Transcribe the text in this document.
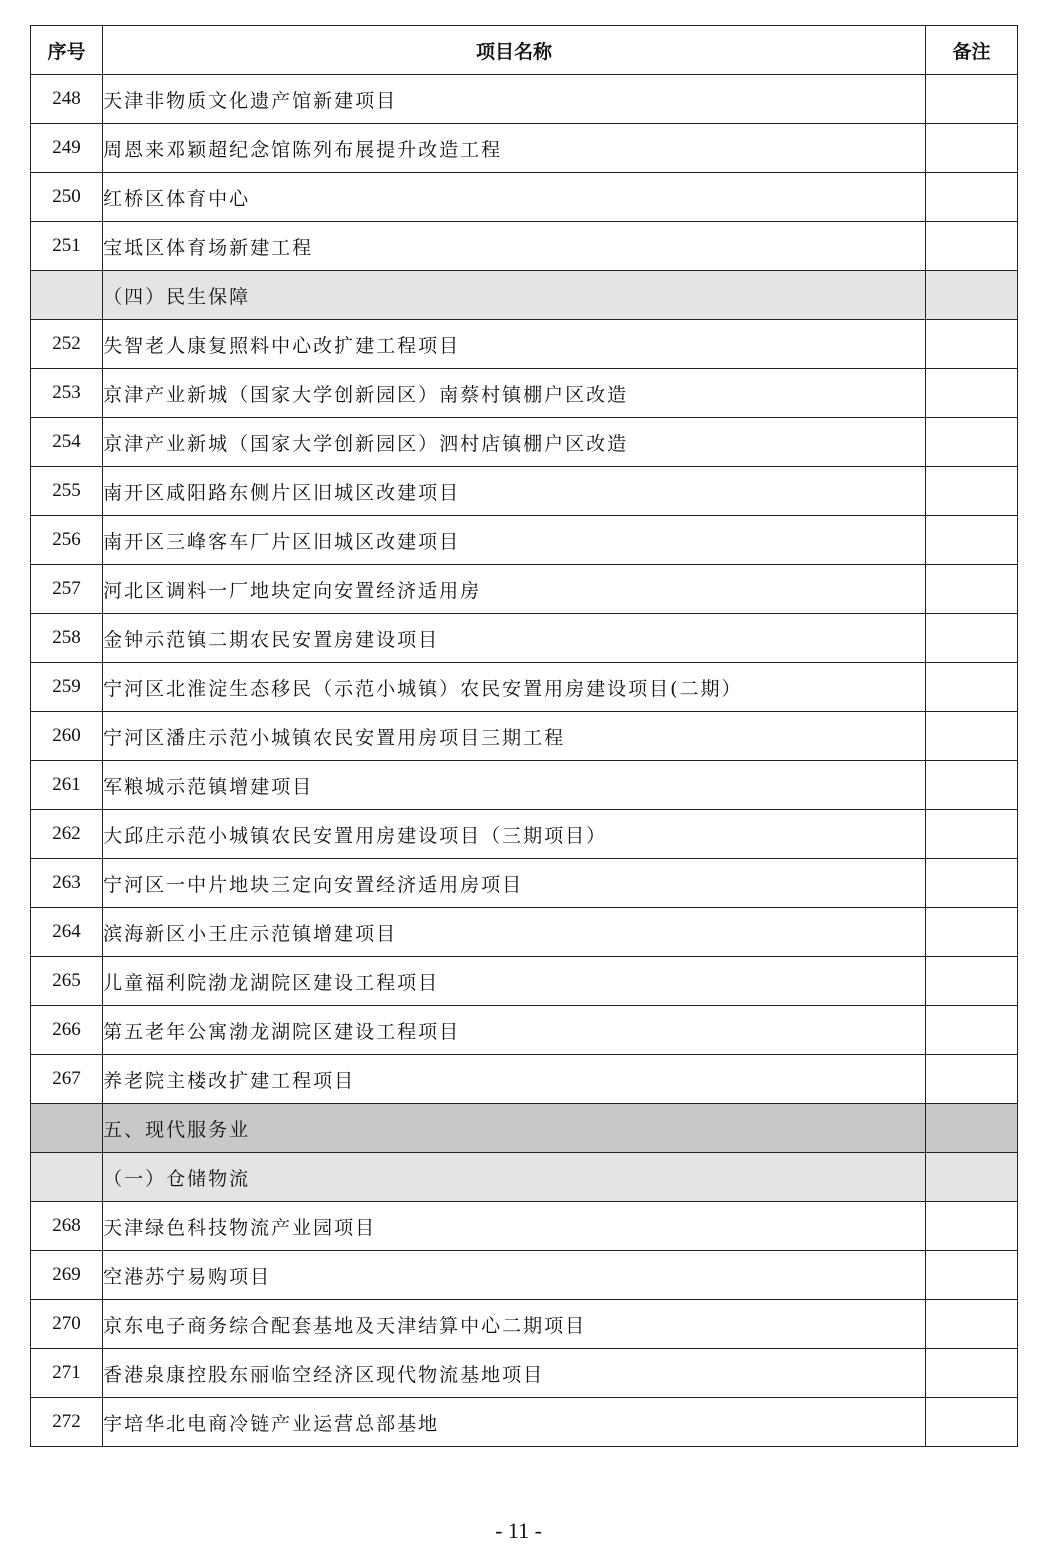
序号	项目名称	备注
248	天津非物质文化遗产馆新建项目	
249	周恩来邓颖超纪念馆陈列布展提升改造工程	
250	红桥区体育中心	
251	宝坻区体育场新建工程	
	（四）民生保障	
252	失智老人康复照料中心改扩建工程项目	
253	京津产业新城（国家大学创新园区）南蔡村镇棚户区改造	
254	京津产业新城（国家大学创新园区）泗村店镇棚户区改造	
255	南开区咸阳路东侧片区旧城区改建项目	
256	南开区三峰客车厂片区旧城区改建项目	
257	河北区调料一厂地块定向安置经济适用房	
258	金钟示范镇二期农民安置房建设项目	
259	宁河区北淮淀生态移民（示范小城镇）农民安置用房建设项目(二期）	
260	宁河区潘庄示范小城镇农民安置用房项目三期工程	
261	军粮城示范镇增建项目	
262	大邱庄示范小城镇农民安置用房建设项目（三期项目）	
263	宁河区一中片地块三定向安置经济适用房项目	
264	滨海新区小王庄示范镇增建项目	
265	儿童福利院渤龙湖院区建设工程项目	
266	第五老年公寓渤龙湖院区建设工程项目	
267	养老院主楼改扩建工程项目	
	五、现代服务业	
	（一）仓储物流	
268	天津绿色科技物流产业园项目	
269	空港苏宁易购项目	
270	京东电子商务综合配套基地及天津结算中心二期项目	
271	香港泉康控股东丽临空经济区现代物流基地项目	
272	宇培华北电商冷链产业运营总部基地	
- 11 -
